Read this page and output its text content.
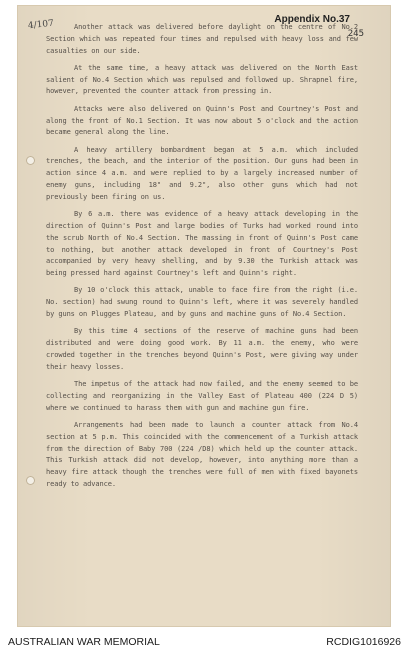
4/107	Appendix No.37
245

Another attack was delivered before daylight on the centre of No.2 Section which was repeated four times and repulsed with heavy loss and few casualties on our side.

At the same time, a heavy attack was delivered on the North East salient of No.4 Section which was repulsed and followed up. Shrapnel fire, however, prevented the counter attack from pressing in.

Attacks were also delivered on Quinn's Post and Courtney's Post and along the front of No.1 Section. It was now about 5 o'clock and the action became general along the line.

A heavy artillery bombardment began at 5 a.m. which included trenches, the beach, and the interior of the position. Our guns had been in action since 4 a.m. and were replied to by a largely increased number of enemy guns, including 18" and 9.2", also other guns which had not previously been firing on us.

By 6 a.m. there was evidence of a heavy attack developing in the direction of Quinn's Post and large bodies of Turks had worked round into the scrub North of No.4 Section. The massing in front of Quinn's Post came to nothing, but another attack developed in front of Courtney's Post accompanied by very heavy shelling, and by 9.30 the Turkish attack was being pressed hard against Courtney's left and Quinn's right.

By 10 o'clock this attack, unable to face fire from the right (i.e. No. section) had swung round to Quinn's left, where it was severely handled by guns on Plugges Plateau, and by guns and machine guns of No.4 Section.

By this time 4 sections of the reserve of machine guns had been distributed and were doing good work. By 11 a.m. the enemy, who were crowded together in the trenches beyond Quinn's Post, were giving way under their heavy losses.

The impetus of the attack had now failed, and the enemy seemed to be collecting and reorganizing in the Valley East of Plateau 400 (224 D 5) where we continued to harass them with gun and machine gun fire.

Arrangements had been made to launch a counter attack from No.4 section at 5 p.m. This coincided with the commencement of a Turkish attack from the direction of Baby 700 (224 /D8) which held up the counter attack. This Turkish attack did not develop, however, into anything more than a heavy fire attack though the trenches were full of men with fixed bayonets ready to advance.

AUSTRALIAN WAR MEMORIAL	RCDIG1016926
